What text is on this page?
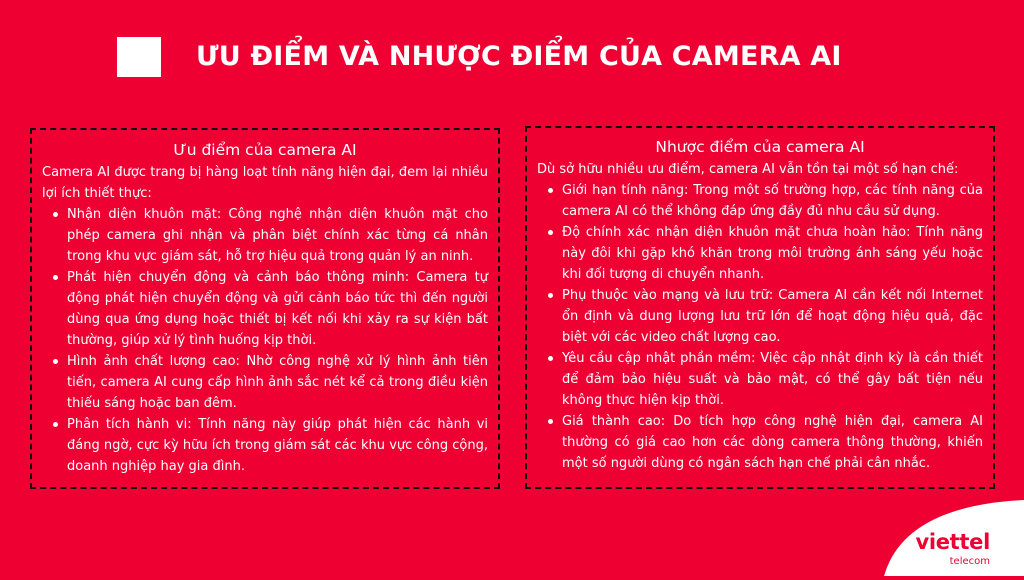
ƯU ĐIỂM VÀ NHƯỢC ĐIỂM CỦA CAMERA AI
Ưu điểm của camera AI

Camera AI được trang bị hàng loạt tính năng hiện đại, đem lại nhiều lợi ích thiết thực:

Nhận diện khuôn mặt: Công nghệ nhận diện khuôn mặt cho phép camera ghi nhận và phân biệt chính xác từng cá nhân trong khu vực giám sát, hỗ trợ hiệu quả trong quản lý an ninh.
Phát hiện chuyển động và cảnh báo thông minh: Camera tự động phát hiện chuyển động và gửi cảnh báo tức thì đến người dùng qua ứng dụng hoặc thiết bị kết nối khi xảy ra sự kiện bất thường, giúp xử lý tình huống kịp thời.
Hình ảnh chất lượng cao: Nhờ công nghệ xử lý hình ảnh tiên tiến, camera AI cung cấp hình ảnh sắc nét kể cả trong điều kiện thiếu sáng hoặc ban đêm.
Phân tích hành vi: Tính năng này giúp phát hiện các hành vi đáng ngờ, cực kỳ hữu ích trong giám sát các khu vực công cộng, doanh nghiệp hay gia đình.
Nhược điểm của camera AI

Dù sở hữu nhiều ưu điểm, camera AI vẫn tồn tại một số hạn chế:

Giới hạn tính năng: Trong một số trường hợp, các tính năng của camera AI có thể không đáp ứng đầy đủ nhu cầu sử dụng.
Độ chính xác nhận diện khuôn mặt chưa hoàn hảo: Tính năng này đôi khi gặp khó khăn trong môi trường ánh sáng yếu hoặc khi đối tượng di chuyển nhanh.
Phụ thuộc vào mạng và lưu trữ: Camera AI cần kết nối Internet ổn định và dung lượng lưu trữ lớn để hoạt động hiệu quả, đặc biệt với các video chất lượng cao.
Yêu cầu cập nhật phần mềm: Việc cập nhật định kỳ là cần thiết để đảm bảo hiệu suất và bảo mật, có thể gây bất tiện nếu không thực hiện kịp thời.
Giá thành cao: Do tích hợp công nghệ hiện đại, camera AI thường có giá cao hơn các dòng camera thông thường, khiến một số người dùng có ngân sách hạn chế phải cân nhắc.
viettel
telecom
